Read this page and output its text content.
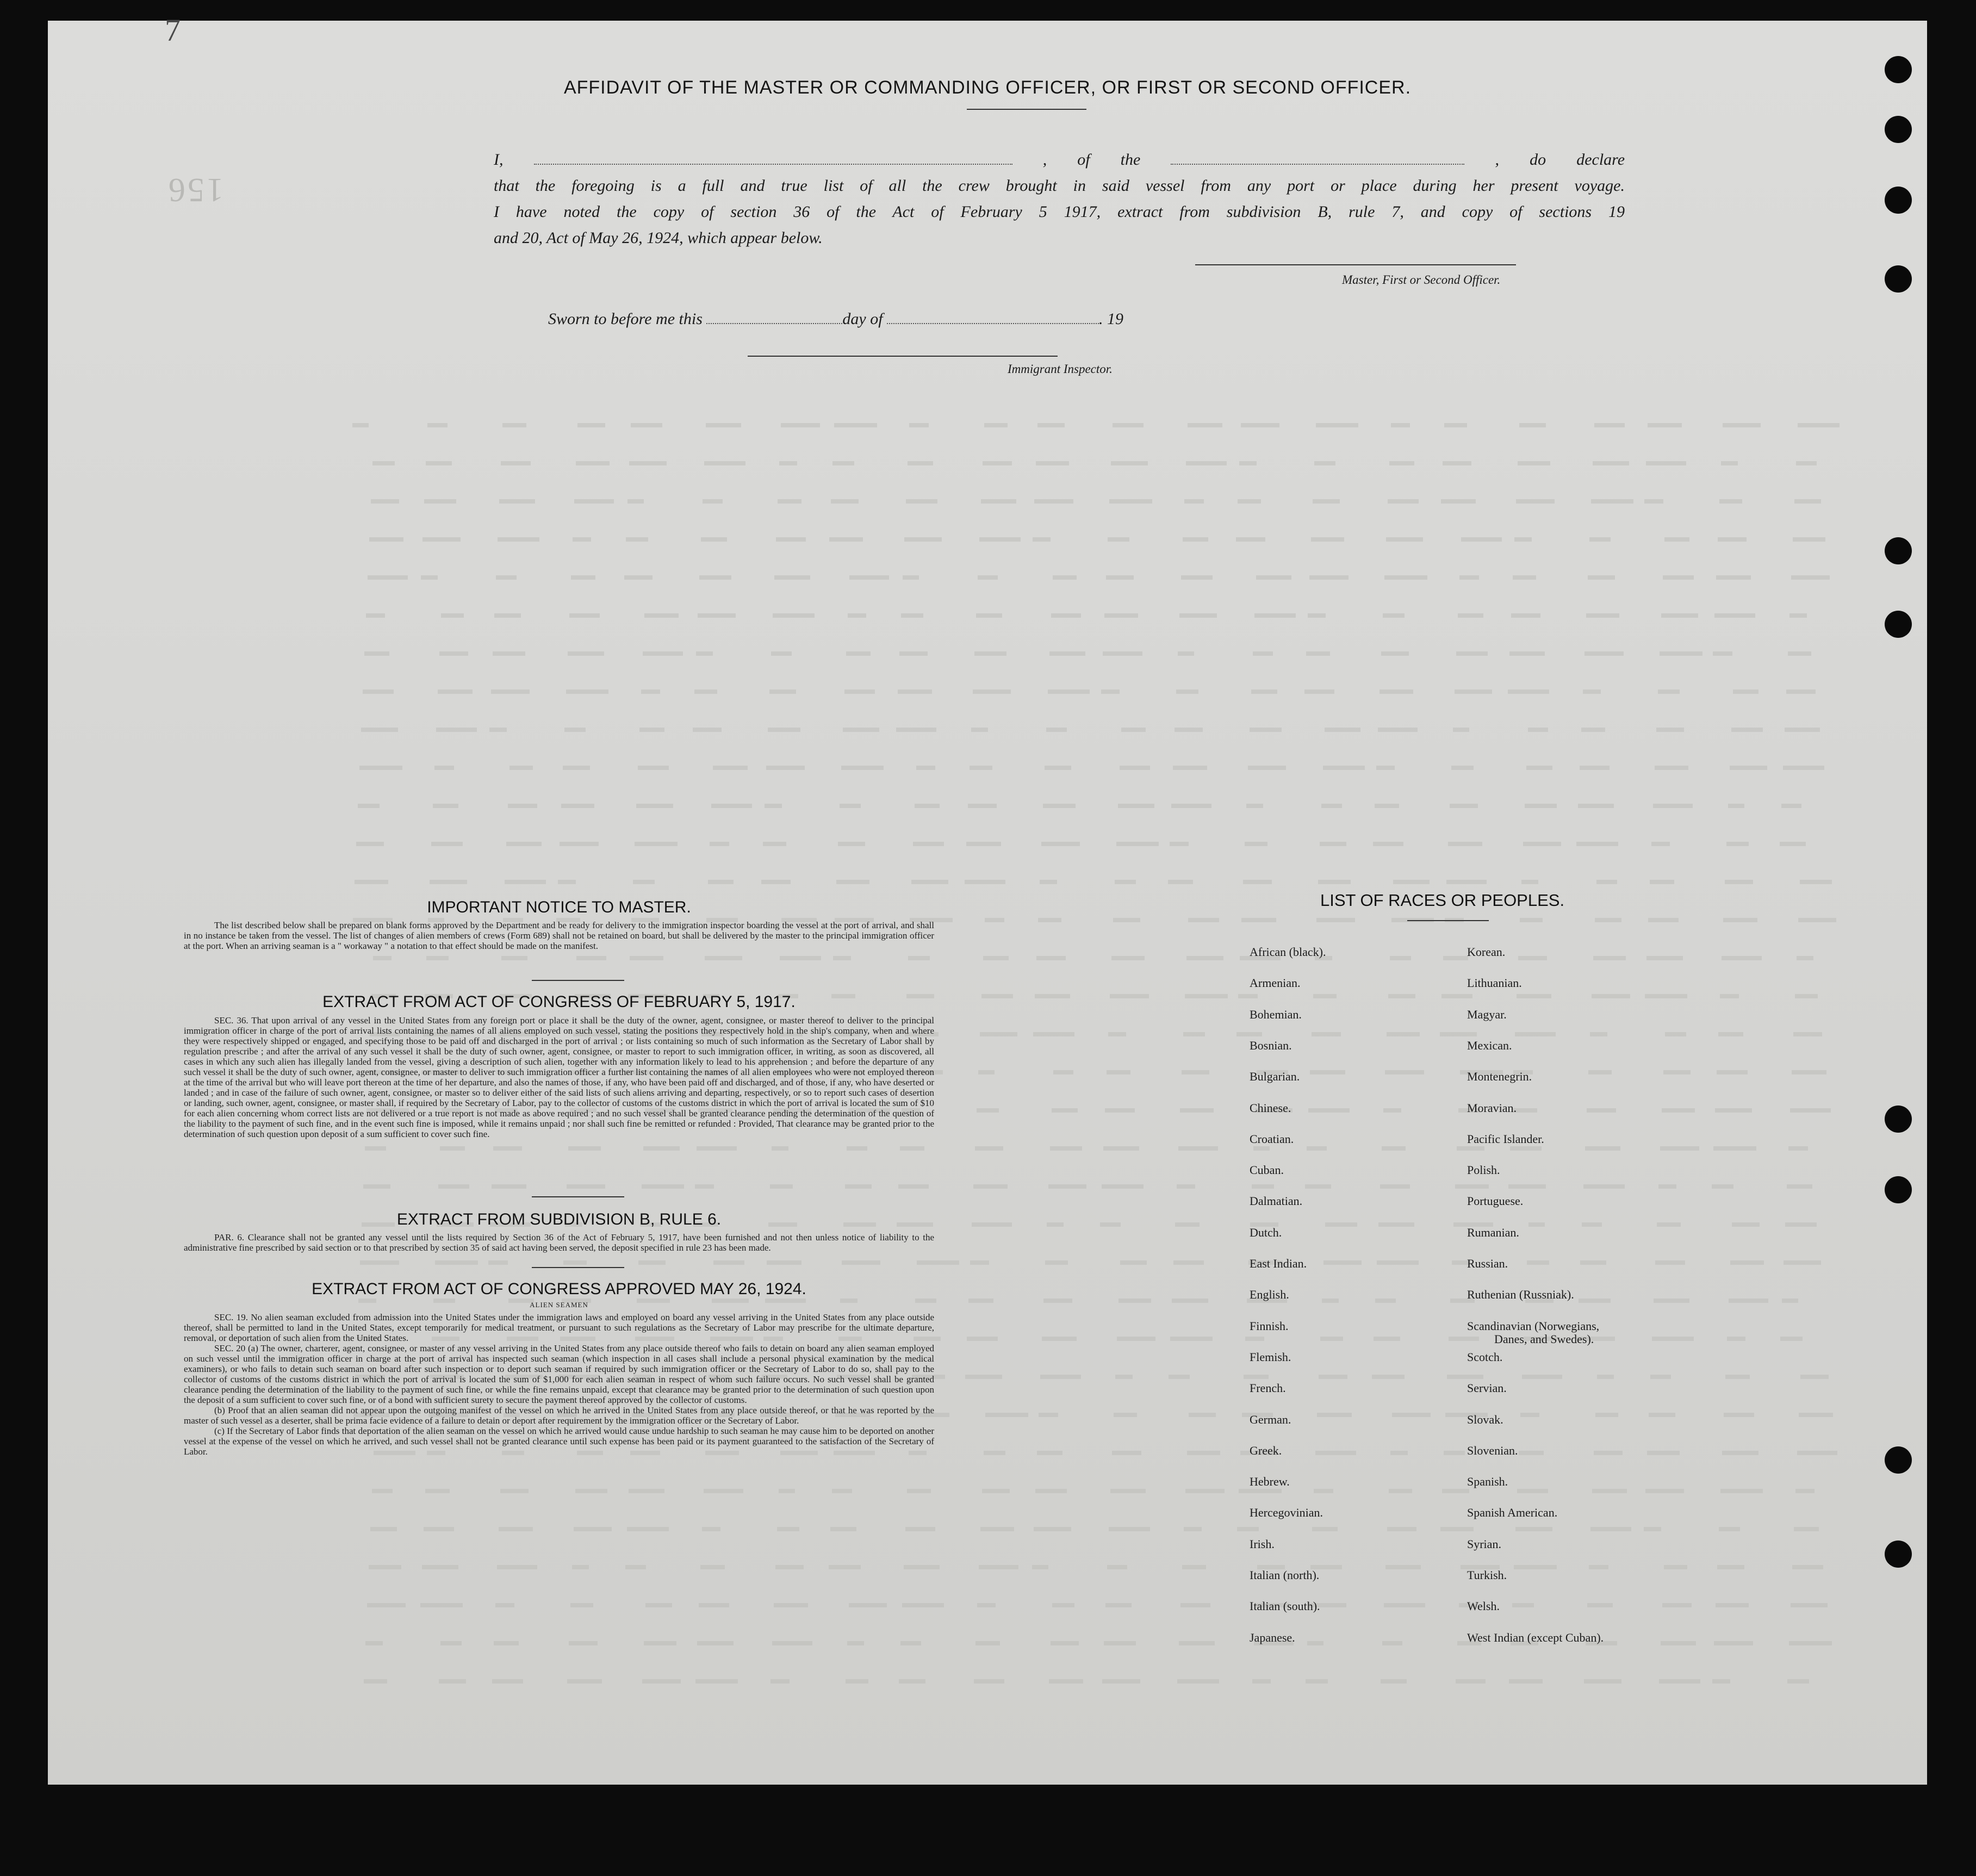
7
156
AFFIDAVIT OF THE MASTER OR COMMANDING OFFICER, OR FIRST OR SECOND OFFICER.
I,	, of the	, do declare
that the foregoing is a full and true list of all the crew brought in said vessel from any port or place during her present voyage.
I have noted the copy of section 36 of the Act of February 5 1917, extract from subdivision B, rule 7, and copy of sections 19
and 20, Act of May 26, 1924, which appear below.
Master, First or Second Officer.
Sworn to before me this	day of	. 19
Immigrant Inspector.
IMPORTANT NOTICE TO MASTER.

The list described below shall be prepared on blank forms approved by the Department and be ready for delivery to the immigration inspector boarding the vessel at the port of arrival, and shall in no instance be taken from the vessel. The list of changes of alien members of crews (Form 689) shall not be retained on board, but shall be delivered by the master to the principal immigration officer at the port. When an arriving seaman is a " workaway " a notation to that effect should be made on the manifest.

EXTRACT FROM ACT OF CONGRESS OF FEBRUARY 5, 1917.

SEC. 36. That upon arrival of any vessel in the United States from any foreign port or place it shall be the duty of the owner, agent, consignee, or master thereof to deliver to the principal immigration officer in charge of the port of arrival lists containing the names of all aliens employed on such vessel, stating the positions they respectively hold in the ship's company, when and where they were respectively shipped or engaged, and specifying those to be paid off and discharged in the port of arrival ; or lists containing so much of such information as the Secretary of Labor shall by regulation prescribe ; and after the arrival of any such vessel it shall be the duty of such owner, agent, consignee, or master to report to such immigration officer, in writing, as soon as discovered, all cases in which any such alien has illegally landed from the vessel, giving a description of such alien, together with any information likely to lead to his apprehension ; and before the departure of any such vessel it shall be the duty of such owner, agent, consignee, or master to deliver to such immigration officer a further list containing the names of all alien employees who were not employed thereon at the time of the arrival but who will leave port thereon at the time of her departure, and also the names of those, if any, who have been paid off and discharged, and of those, if any, who have deserted or landed ; and in case of the failure of such owner, agent, consignee, or master so to deliver either of the said lists of such aliens arriving and departing, respectively, or so to report such cases of desertion or landing, such owner, agent, consignee, or master shall, if required by the Secretary of Labor, pay to the collector of customs of the customs district in which the port of arrival is located the sum of $10 for each alien concerning whom correct lists are not delivered or a true report is not made as above required ; and no such vessel shall be granted clearance pending the determination of the question of the liability to the payment of such fine, and in the event such fine is imposed, while it remains unpaid ; nor shall such fine be remitted or refunded : Provided, That clearance may be granted prior to the determination of such question upon deposit of a sum sufficient to cover such fine.

EXTRACT FROM SUBDIVISION B, RULE 6.

PAR. 6. Clearance shall not be granted any vessel until the lists required by Section 36 of the Act of February 5, 1917, have been furnished and not then unless notice of liability to the administrative fine prescribed by said section or to that prescribed by section 35 of said act having been served, the deposit specified in rule 23 has been made.

EXTRACT FROM ACT OF CONGRESS APPROVED MAY 26, 1924.
ALIEN SEAMEN

SEC. 19. No alien seaman excluded from admission into the United States under the immigration laws and employed on board any vessel arriving in the United States from any place outside thereof, shall be permitted to land in the United States, except temporarily for medical treatment, or pursuant to such regulations as the Secretary of Labor may prescribe for the ultimate departure, removal, or deportation of such alien from the United States.

SEC. 20 (a) The owner, charterer, agent, consignee, or master of any vessel arriving in the United States from any place outside thereof who fails to detain on board any alien seaman employed on such vessel until the immigration officer in charge at the port of arrival has inspected such seaman (which inspection in all cases shall include a personal physical examination by the medical examiners), or who fails to detain such seaman on board after such inspection or to deport such seaman if required by such immigration officer or the Secretary of Labor to do so, shall pay to the collector of customs of the customs district in which the port of arrival is located the sum of $1,000 for each alien seaman in respect of whom such failure occurs. No such vessel shall be granted clearance pending the determination of the liability to the payment of such fine, or while the fine remains unpaid, except that clearance may be granted prior to the determination of such question upon the deposit of a sum sufficient to cover such fine, or of a bond with sufficient surety to secure the payment thereof approved by the collector of customs.

(b) Proof that an alien seaman did not appear upon the outgoing manifest of the vessel on which he arrived in the United States from any place outside thereof, or that he was reported by the master of such vessel as a deserter, shall be prima facie evidence of a failure to detain or deport after requirement by the immigration officer or the Secretary of Labor.

(c) If the Secretary of Labor finds that deportation of the alien seaman on the vessel on which he arrived would cause undue hardship to such seaman he may cause him to be deported on another vessel at the expense of the vessel on which he arrived, and such vessel shall not be granted clearance until such expense has been paid or its payment guaranteed to the satisfaction of the Secretary of Labor.

LIST OF RACES OR PEOPLES.
African (black).
Armenian.
Bohemian.
Bosnian.
Bulgarian.
Chinese.
Croatian.
Cuban.
Dalmatian.
Dutch.
East Indian.
English.
Finnish.
Flemish.
French.
German.
Greek.
Hebrew.
Hercegovinian.
Irish.
Italian (north).
Italian (south).
Japanese.
Korean.
Lithuanian.
Magyar.
Mexican.
Montenegrin.
Moravian.
Pacific Islander.
Polish.
Portuguese.
Rumanian.
Russian.
Ruthenian (Russniak).
Scandinavian (Norwegians,
Danes, and Swedes).
Scotch.
Servian.
Slovak.
Slovenian.
Spanish.
Spanish American.
Syrian.
Turkish.
Welsh.
West Indian (except Cuban).
